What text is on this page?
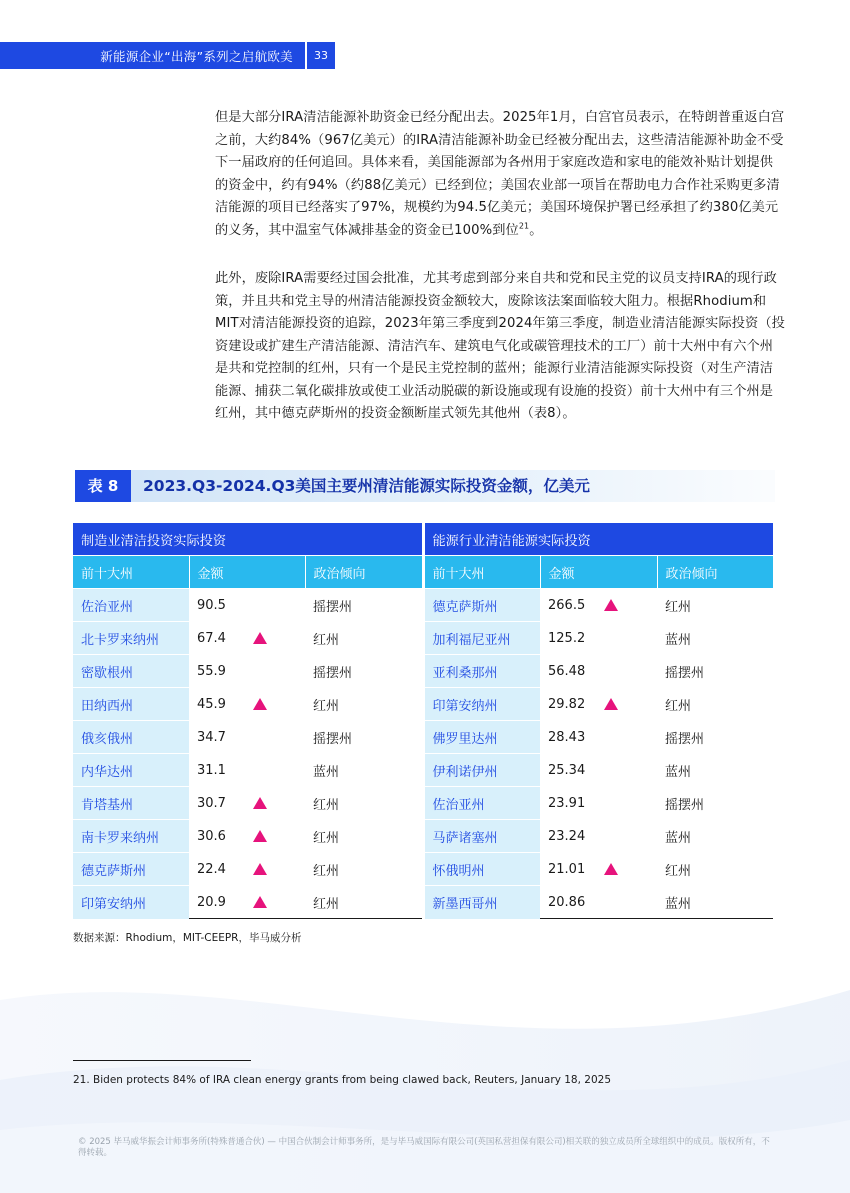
新能源企业“出海”系列之启航欧美	33
但是大部分IRA清洁能源补助资金已经分配出去。2025年1月，白宫官员表示，在特朗普重返白宫之前，大约84%（967亿美元）的IRA清洁能源补助金已经被分配出去，这些清洁能源补助金不受下一届政府的任何追回。具体来看，美国能源部为各州用于家庭改造和家电的能效补贴计划提供的资金中，约有94%（约88亿美元）已经到位；美国农业部一项旨在帮助电力合作社采购更多清洁能源的项目已经落实了97%，规模约为94.5亿美元；美国环境保护署已经承担了约380亿美元的义务，其中温室气体减排基金的资金已100%到位$^{21}$。
此外，废除IRA需要经过国会批准，尤其考虑到部分来自共和党和民主党的议员支持IRA的现行政策，并且共和党主导的州清洁能源投资金额较大，废除该法案面临较大阻力。根据Rhodium和MIT对清洁能源投资的追踪，2023年第三季度到2024年第三季度，制造业清洁能源实际投资（投资建设或扩建生产清洁能源、清洁汽车、建筑电气化或碳管理技术的工厂）前十大州中有六个州是共和党控制的红州，只有一个是民主党控制的蓝州；能源行业清洁能源实际投资（对生产清洁能源、捕获二氧化碳排放或使工业活动脱碳的新设施或现有设施的投资）前十大州中有三个州是红州，其中德克萨斯州的投资金额断崖式领先其他州（表8）。
表 8	2023.Q3-2024.Q3美国主要州清洁能源实际投资金额，亿美元
制造业清洁投资实际投资			能源行业清洁能源实际投资		
前十大州	金额	政治倾向	前十大州	金额	政治倾向
佐治亚州	90.5	摇摆州	德克萨斯州	266.5	红州
北卡罗来纳州	67.4	红州	加利福尼亚州	125.2	蓝州
密歇根州	55.9	摇摆州	亚利桑那州	56.48	摇摆州
田纳西州	45.9	红州	印第安纳州	29.82	红州
俄亥俄州	34.7	摇摆州	佛罗里达州	28.43	摇摆州
内华达州	31.1	蓝州	伊利诺伊州	25.34	蓝州
肯塔基州	30.7	红州	佐治亚州	23.91	摇摆州
南卡罗来纳州	30.6	红州	马萨诸塞州	23.24	蓝州
德克萨斯州	22.4	红州	怀俄明州	21.01	红州
印第安纳州	20.9	红州	新墨西哥州	20.86	蓝州
数据来源：Rhodium，MIT-CEEPR，毕马威分析
21. Biden protects 84% of IRA clean energy grants from being clawed back, Reuters, January 18, 2025
© 2025 毕马威华振会计师事务所(特殊普通合伙) — 中国合伙制会计师事务所，是与毕马威国际有限公司(英国私营担保有限公司)相关联的独立成员所全球组织中的成员。版权所有，不得转载。
